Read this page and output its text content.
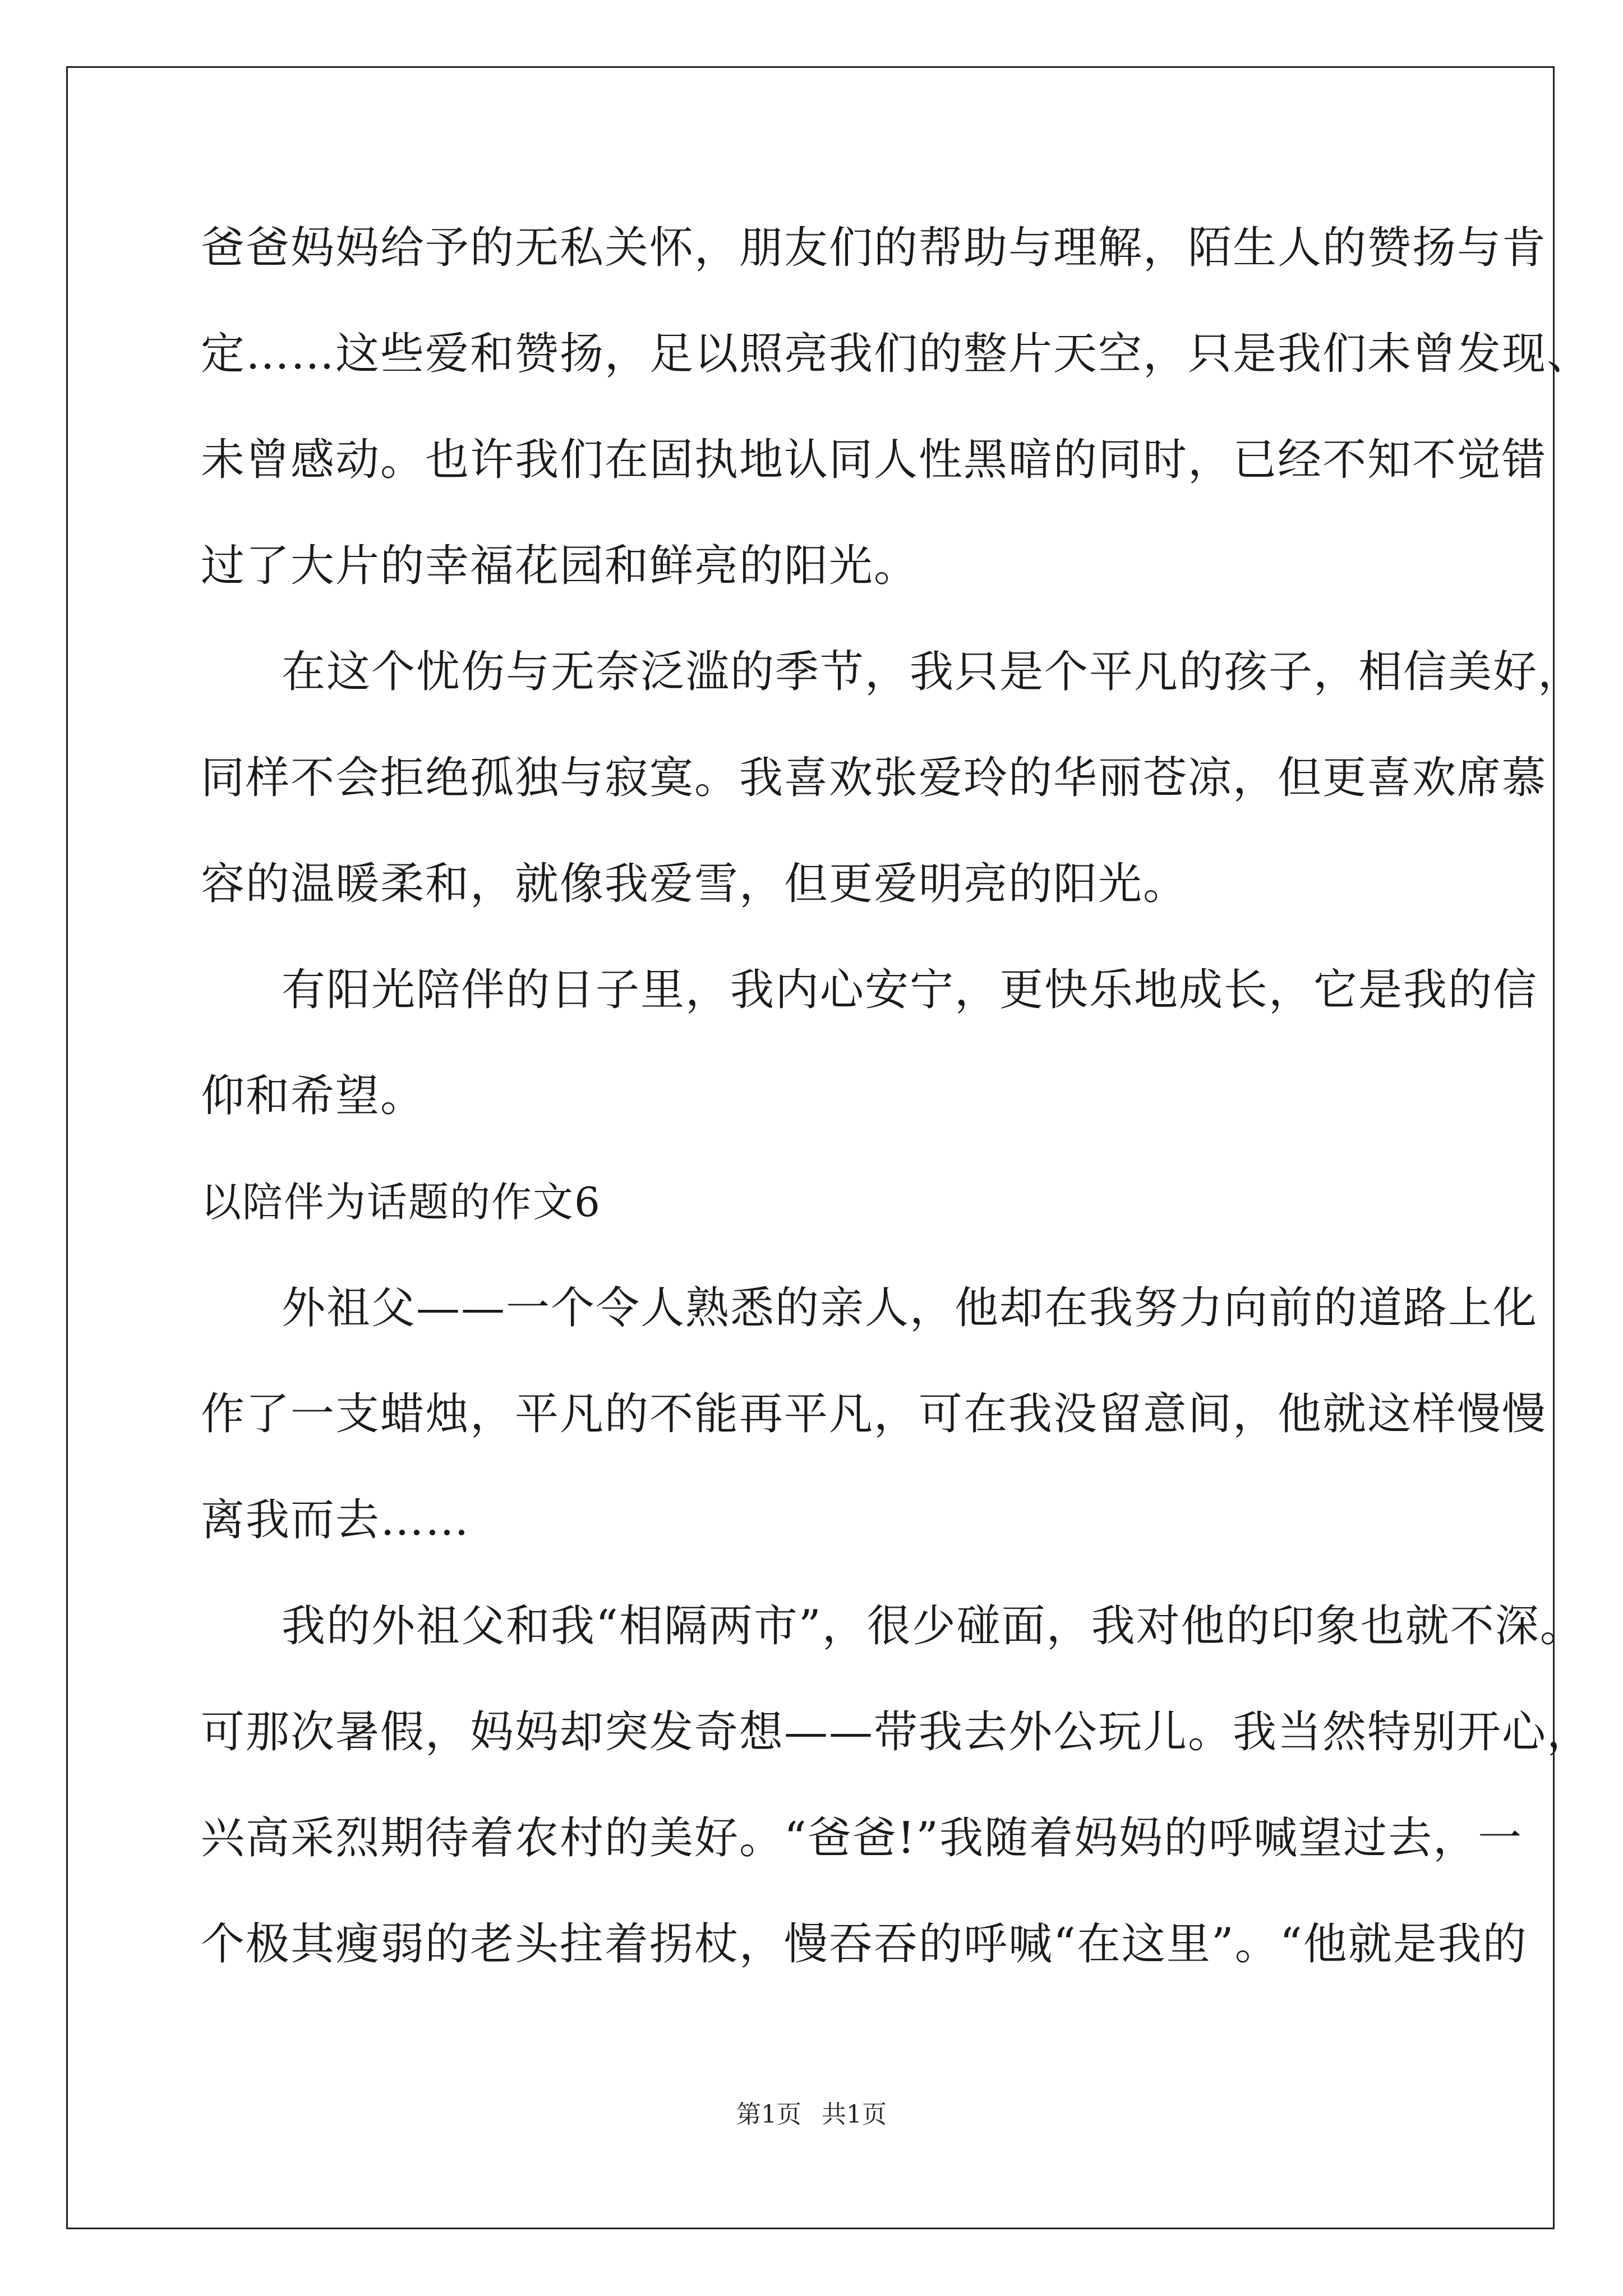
爸爸妈妈给予的无私关怀，朋友们的帮助与理解，陌生人的赞扬与肯
定……这些爱和赞扬，足以照亮我们的整片天空，只是我们未曾发现、
未曾感动。也许我们在固执地认同人性黑暗的同时，已经不知不觉错
过了大片的幸福花园和鲜亮的阳光。
在这个忧伤与无奈泛滥的季节，我只是个平凡的孩子，相信美好，
同样不会拒绝孤独与寂寞。我喜欢张爱玲的华丽苍凉，但更喜欢席慕
容的温暖柔和，就像我爱雪，但更爱明亮的阳光。
有阳光陪伴的日子里，我内心安宁，更快乐地成长，它是我的信
仰和希望。
以陪伴为话题的作文6
外祖父——一个令人熟悉的亲人，他却在我努力向前的道路上化
作了一支蜡烛，平凡的不能再平凡，可在我没留意间，他就这样慢慢
离我而去……
我的外祖父和我“相隔两市”，很少碰面，我对他的印象也就不深。
可那次暑假，妈妈却突发奇想——带我去外公玩儿。我当然特别开心，
兴高采烈期待着农村的美好。“爸爸!”我随着妈妈的呼喊望过去，一
个极其瘦弱的老头拄着拐杖，慢吞吞的呼喊“在这里”。“他就是我的
第1页 共1页
